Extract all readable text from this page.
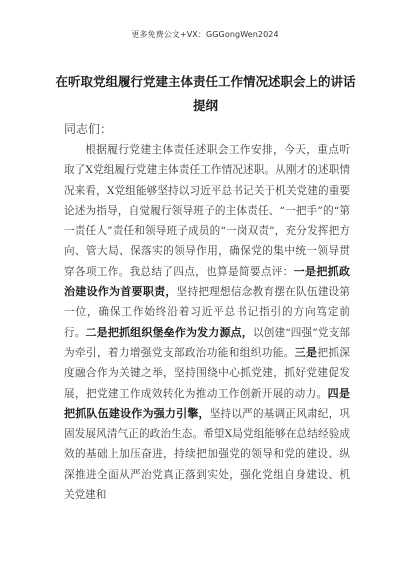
更多免费公文+VX：GGGongWen2024
在听取党组履行党建主体责任工作情况述职会上的讲话提纲
同志们：
根据履行党建主体责任述职会工作安排，今天，重点听取了X党组履行党建主体责任工作情况述职。从刚才的述职情况来看，X党组能够坚持以习近平总书记关于机关党建的重要论述为指导，自觉履行领导班子的主体责任、“一把手”的“第一责任人”责任和领导班子成员的“一岗双责”，充分发挥把方向、管大局、保落实的领导作用，确保党的集中统一领导贯穿各项工作。我总结了四点，也算是简要点评：一是把抓政治建设作为首要职责，坚持把理想信念教育摆在队伍建设第一位，确保工作始终沿着习近平总书记指引的方向笃定前行。二是把抓组织堡垒作为发力源点，以创建“四强”党支部为牵引，着力增强党支部政治功能和组织功能。三是把抓深度融合作为关键之举，坚持围绕中心抓党建，抓好党建促发展，把党建工作成效转化为推动工作创新开展的动力。四是把抓队伍建设作为强力引擎，坚持以严的基调正风肃纪，巩固发展风清气正的政治生态。希望X局党组能够在总结经验成效的基础上加压奋进，持续把加强党的领导和党的建设、纵深推进全面从严治党真正落到实处，强化党组自身建设、机关党建和
